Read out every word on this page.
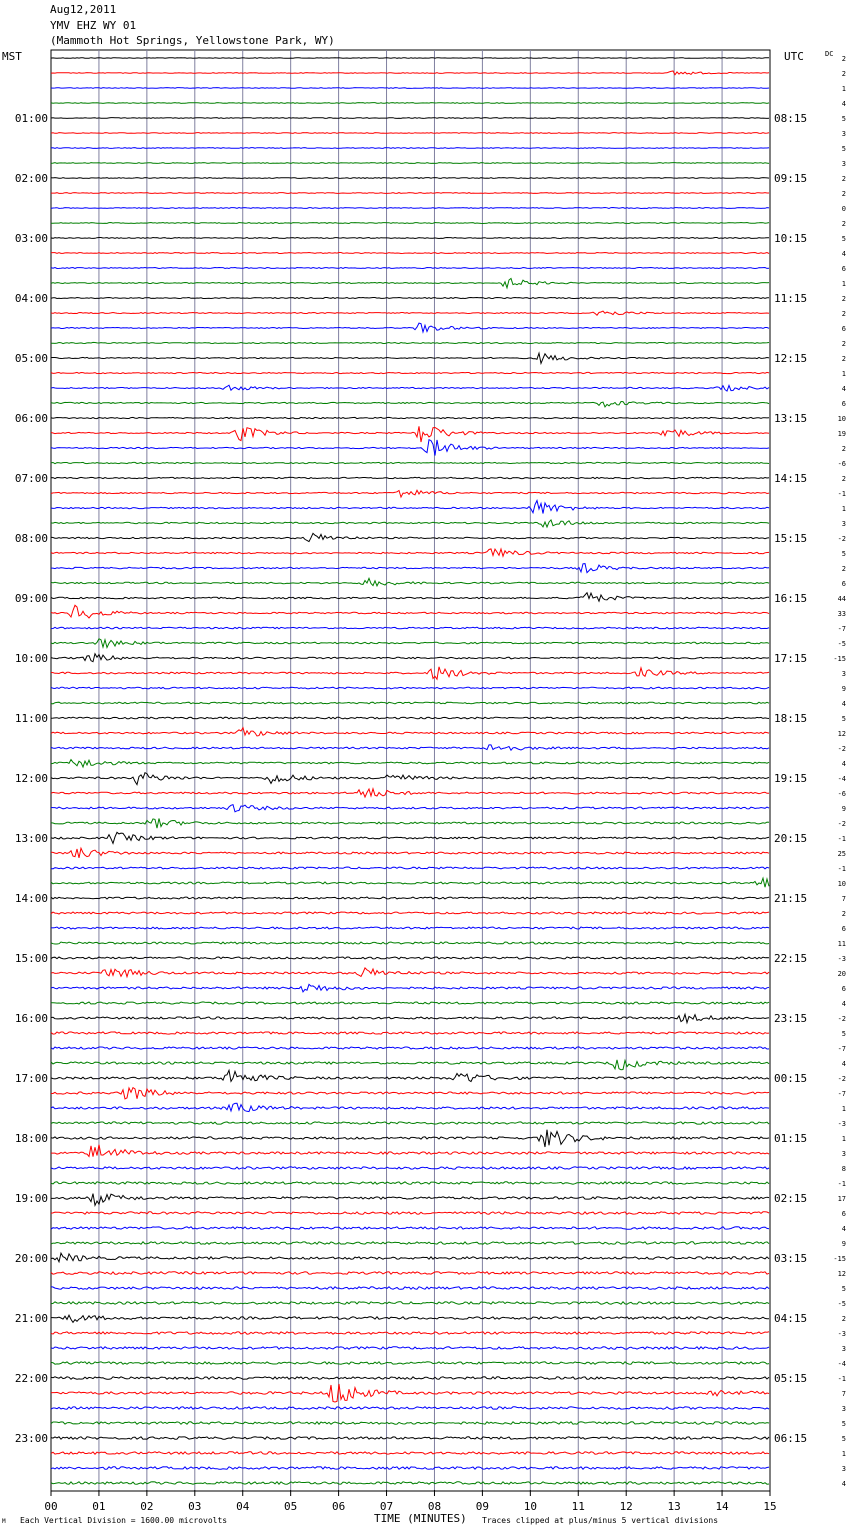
00	01	02	03	04	05	06	07	08	09	10	11	12	13	14	15
2
2
1
4
5
3
5
3
2
2
0
2
5
4
6
1
2
2
6
2
2
1
4
6
10
19
2
-6
2
-1
1
3
-2
5
2
6
44
33
-7
-5
-15
3
9
4
5
12
-2
4
-4
-6
9
-2
-1
25
-1
10
7
2
6
11
-3
20
6
4
-2
5
-7
4
-2
-7
1
-3
1
3
8
-1
17
6
4
9
-15
12
5
-5
2
-3
3
-4
-1
7
3
5
5
1
3
4
01:00	08:15
02:00	09:15
03:00	10:15
04:00	11:15
05:00	12:15
06:00	13:15
07:00	14:15
08:00	15:15
09:00	16:15
10:00	17:15
11:00	18:15
12:00	19:15
13:00	20:15
14:00	21:15
15:00	22:15
16:00	23:15
17:00	00:15
18:00	01:15
19:00	02:15
20:00	03:15
21:00	04:15
22:00	05:15
23:00	06:15
Aug12,2011
YMV EHZ WY 01
(Mammoth Hot Springs, Yellowstone Park, WY)
MST	UTC	DC
TIME (MINUTES)
Each Vertical Division = 1600.00 microvolts	Traces clipped at plus/minus 5 vertical divisions
M
